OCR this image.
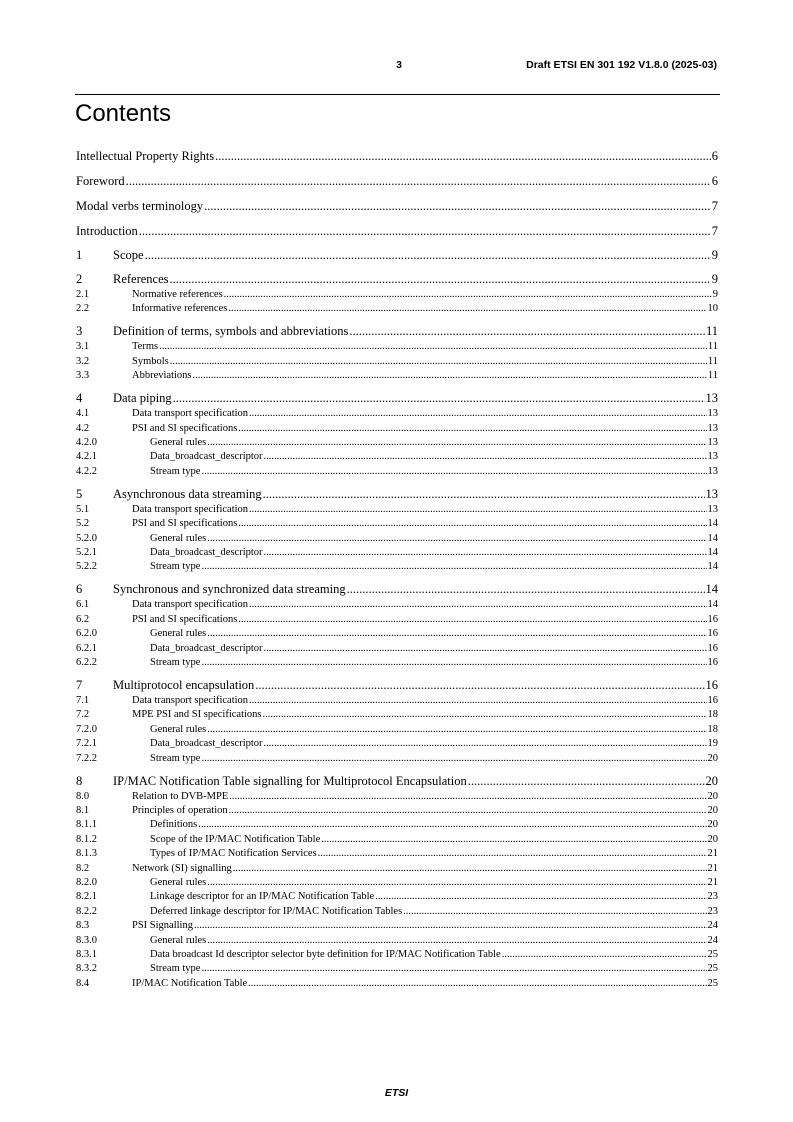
3	Draft ETSI EN 301 192 V1.8.0 (2025-03)
Contents
Intellectual Property Rights .....	6
Foreword .....	6
Modal verbs terminology .....	7
Introduction .....	7
1	Scope .....	9
2	References .....	9
2.1	Normative references .....	9
2.2	Informative references .....	10
3	Definition of terms, symbols and abbreviations .....	11
3.1	Terms .....	11
3.2	Symbols .....	11
3.3	Abbreviations .....	11
4	Data piping .....	13
4.1	Data transport specification .....	13
4.2	PSI and SI specifications .....	13
4.2.0	General rules .....	13
4.2.1	Data_broadcast_descriptor .....	13
4.2.2	Stream type .....	13
5	Asynchronous data streaming .....	13
5.1	Data transport specification .....	13
5.2	PSI and SI specifications .....	14
5.2.0	General rules .....	14
5.2.1	Data_broadcast_descriptor .....	14
5.2.2	Stream type .....	14
6	Synchronous and synchronized data streaming .....	14
6.1	Data transport specification .....	14
6.2	PSI and SI specifications .....	16
6.2.0	General rules .....	16
6.2.1	Data_broadcast_descriptor .....	16
6.2.2	Stream type .....	16
7	Multiprotocol encapsulation .....	16
7.1	Data transport specification .....	16
7.2	MPE PSI and SI specifications .....	18
7.2.0	General rules .....	18
7.2.1	Data_broadcast_descriptor .....	19
7.2.2	Stream type .....	20
8	IP/MAC Notification Table signalling for Multiprotocol Encapsulation .....	20
8.0	Relation to DVB-MPE .....	20
8.1	Principles of operation .....	20
8.1.1	Definitions .....	20
8.1.2	Scope of the IP/MAC Notification Table .....	20
8.1.3	Types of IP/MAC Notification Services .....	21
8.2	Network (SI) signalling .....	21
8.2.0	General rules .....	21
8.2.1	Linkage descriptor for an IP/MAC Notification Table .....	23
8.2.2	Deferred linkage descriptor for IP/MAC Notification Tables .....	23
8.3	PSI Signalling .....	24
8.3.0	General rules .....	24
8.3.1	Data broadcast Id descriptor selector byte definition for IP/MAC Notification Table .....	25
8.3.2	Stream type .....	25
8.4	IP/MAC Notification Table .....	25
ETSI
